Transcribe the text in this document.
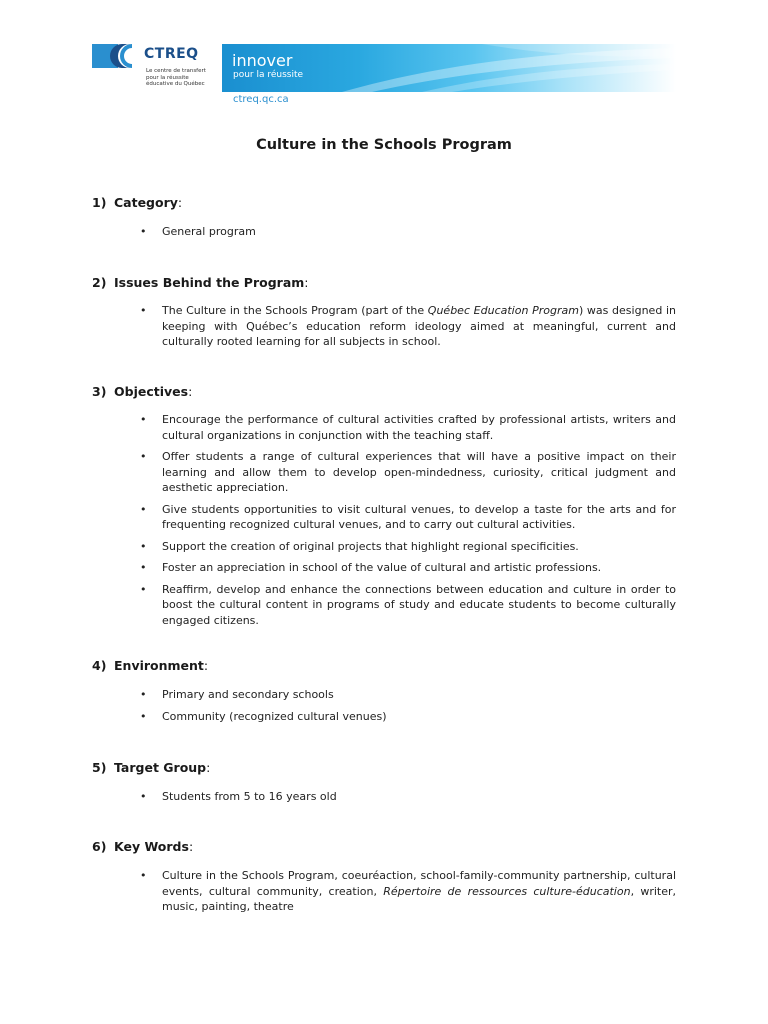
CTREQ
Le centre de transfert
pour la réussite
éducative du Québec
innover
pour la réussite
ctreq.qc.ca
Culture in the Schools Program
1) Category:
• General program
2) Issues Behind the Program:
• The Culture in the Schools Program (part of the Québec Education Program) was designed in keeping with Québec’s education reform ideology aimed at meaningful, current and culturally rooted learning for all subjects in school.
3) Objectives:
• Encourage the performance of cultural activities crafted by professional artists, writers and cultural organizations in conjunction with the teaching staff.
• Offer students a range of cultural experiences that will have a positive impact on their learning and allow them to develop open-mindedness, curiosity, critical judgment and aesthetic appreciation.
• Give students opportunities to visit cultural venues, to develop a taste for the arts and for frequenting recognized cultural venues, and to carry out cultural activities.
• Support the creation of original projects that highlight regional specificities.
• Foster an appreciation in school of the value of cultural and artistic professions.
• Reaffirm, develop and enhance the connections between education and culture in order to boost the cultural content in programs of study and educate students to become culturally engaged citizens.
4) Environment:
• Primary and secondary schools
• Community (recognized cultural venues)
5) Target Group:
• Students from 5 to 16 years old
6) Key Words:
• Culture in the Schools Program, coeuréaction, school-family-community partnership, cultural events, cultural community, creation, Répertoire de ressources culture-éducation, writer, music, painting, theatre
